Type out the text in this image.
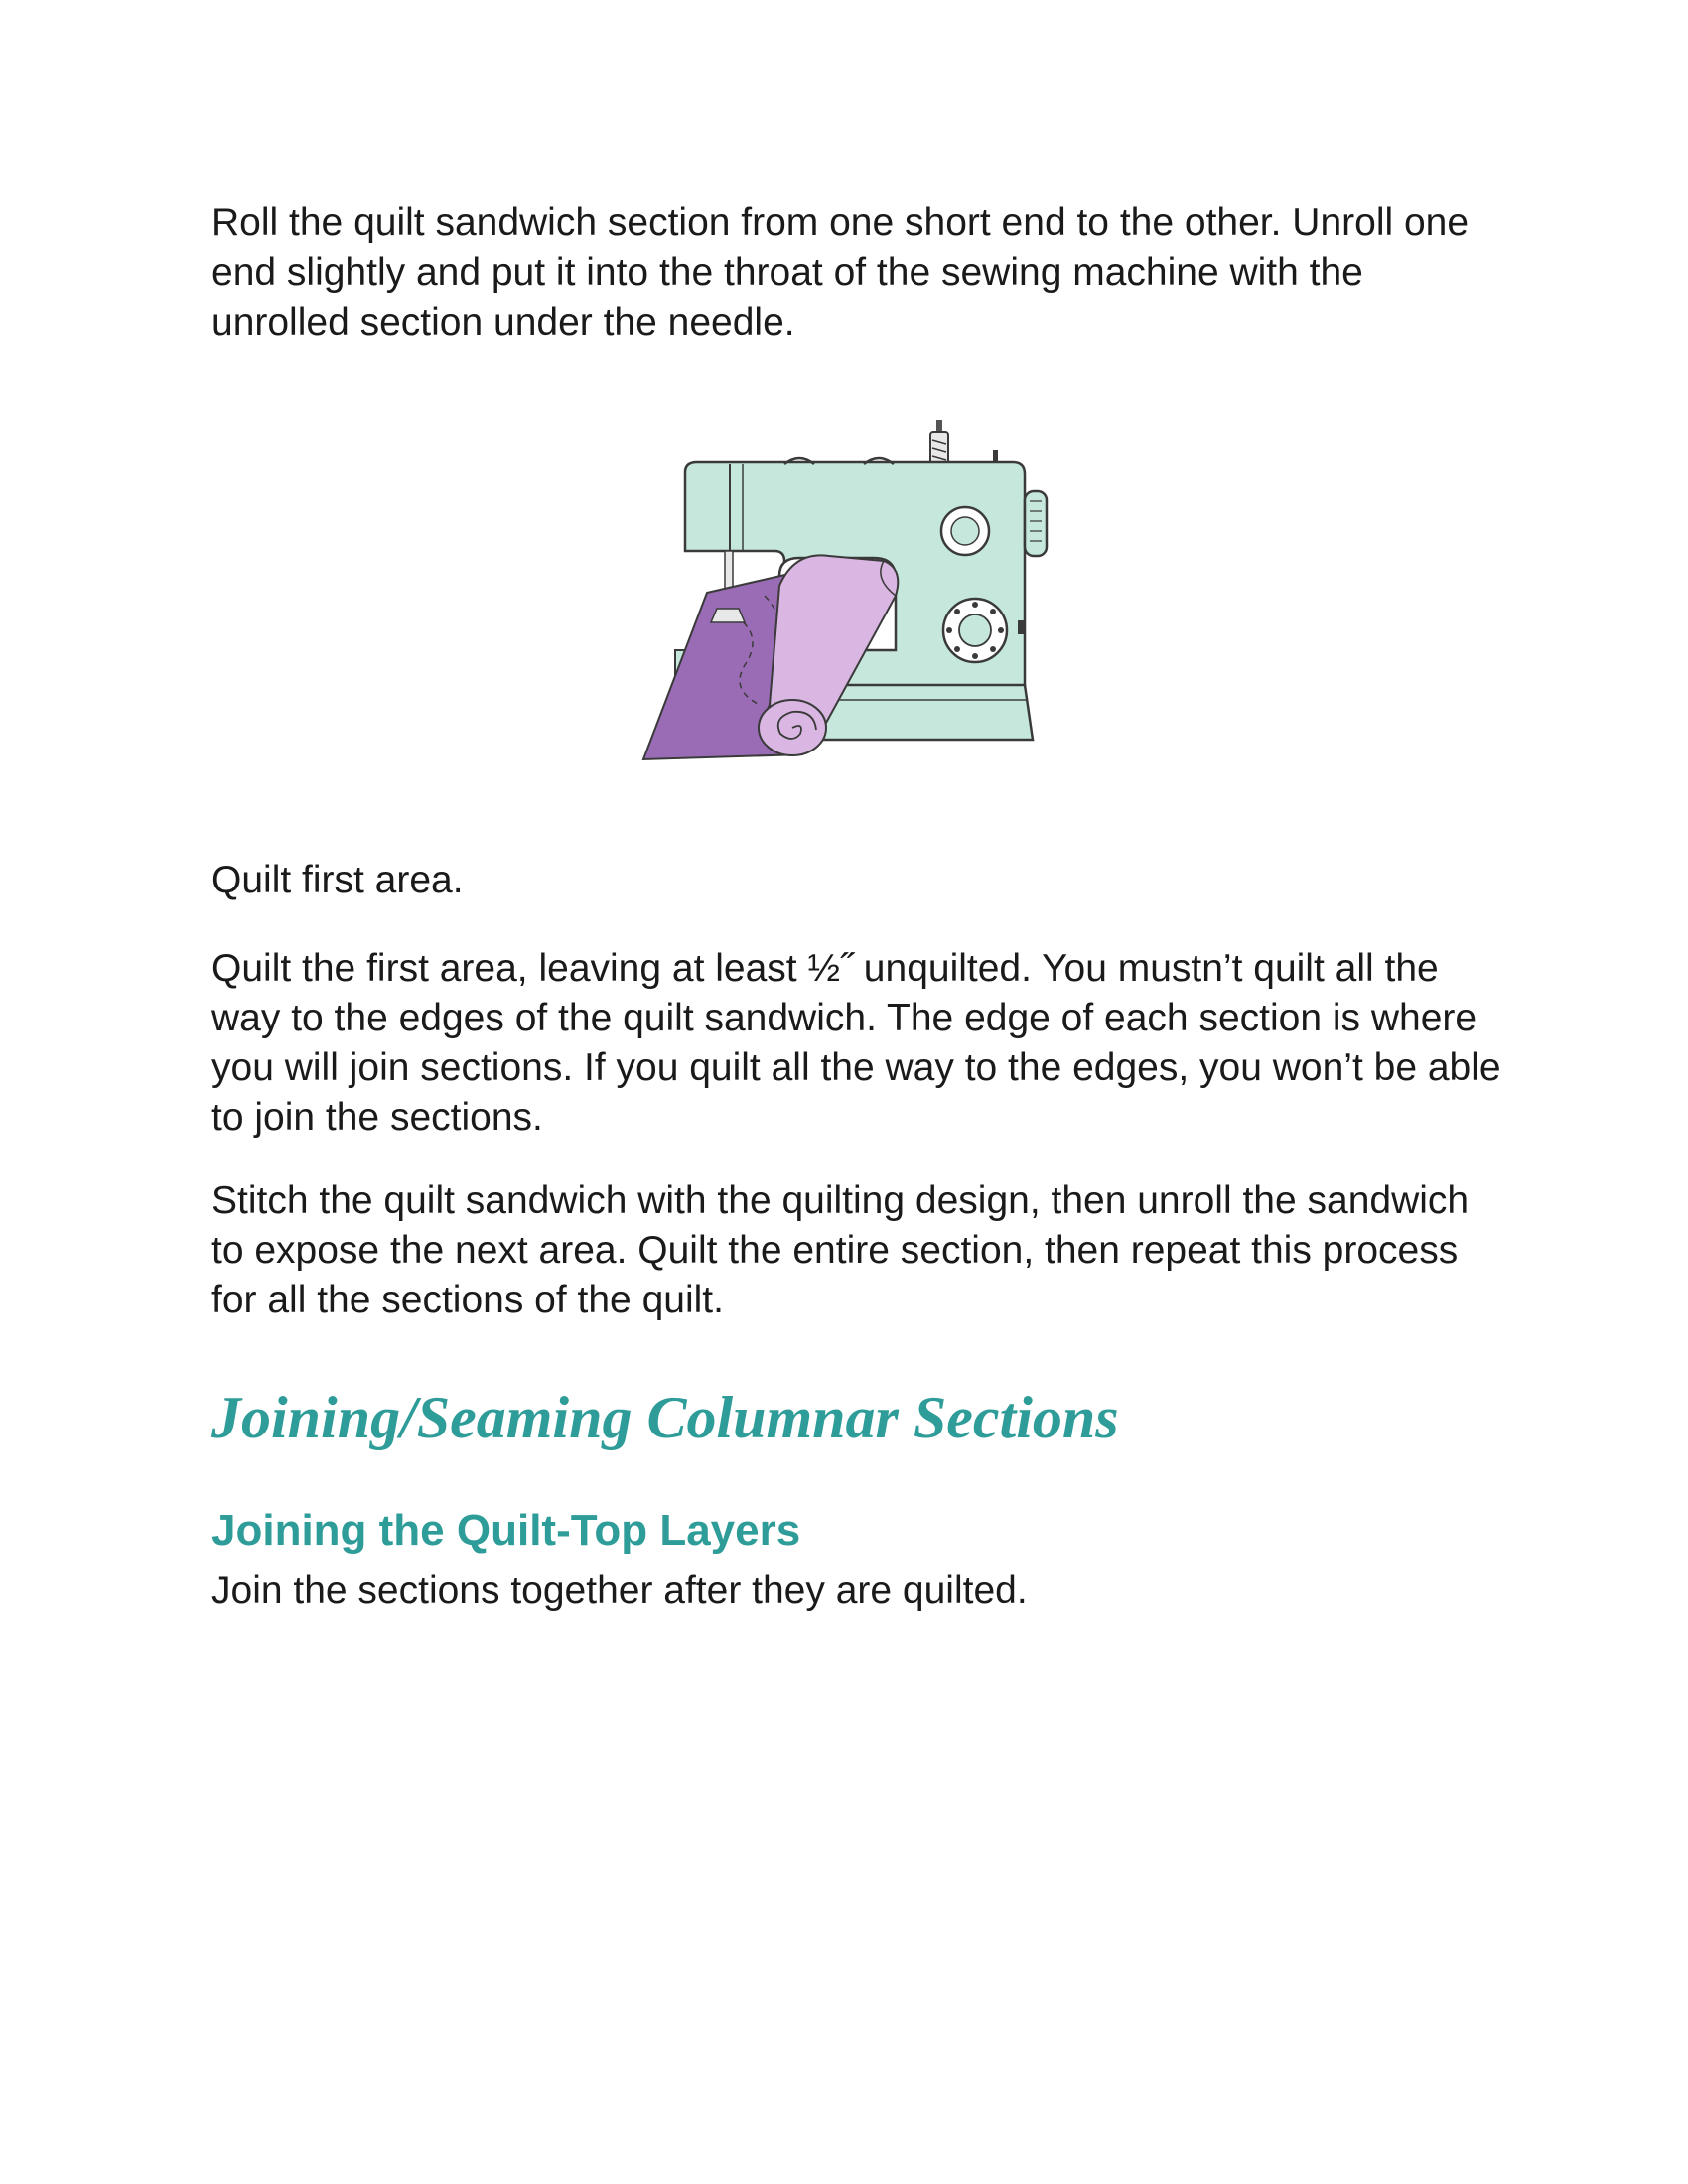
Roll the quilt sandwich section from one short end to the other. Unroll one end slightly and put it into the throat of the sewing machine with the unrolled section under the needle.

Quilt first area.

Quilt the first area, leaving at least ½˝ unquilted. You mustn’t quilt all the way to the edges of the quilt sandwich. The edge of each section is where you will join sections. If you quilt all the way to the edges, you won’t be able to join the sections.

Stitch the quilt sandwich with the quilting design, then unroll the sandwich to expose the next area. Quilt the entire section, then repeat this process for all the sections of the quilt.

Joining/Seaming Columnar Sections
Joining the Quilt-Top Layers

Join the sections together after they are quilted.
